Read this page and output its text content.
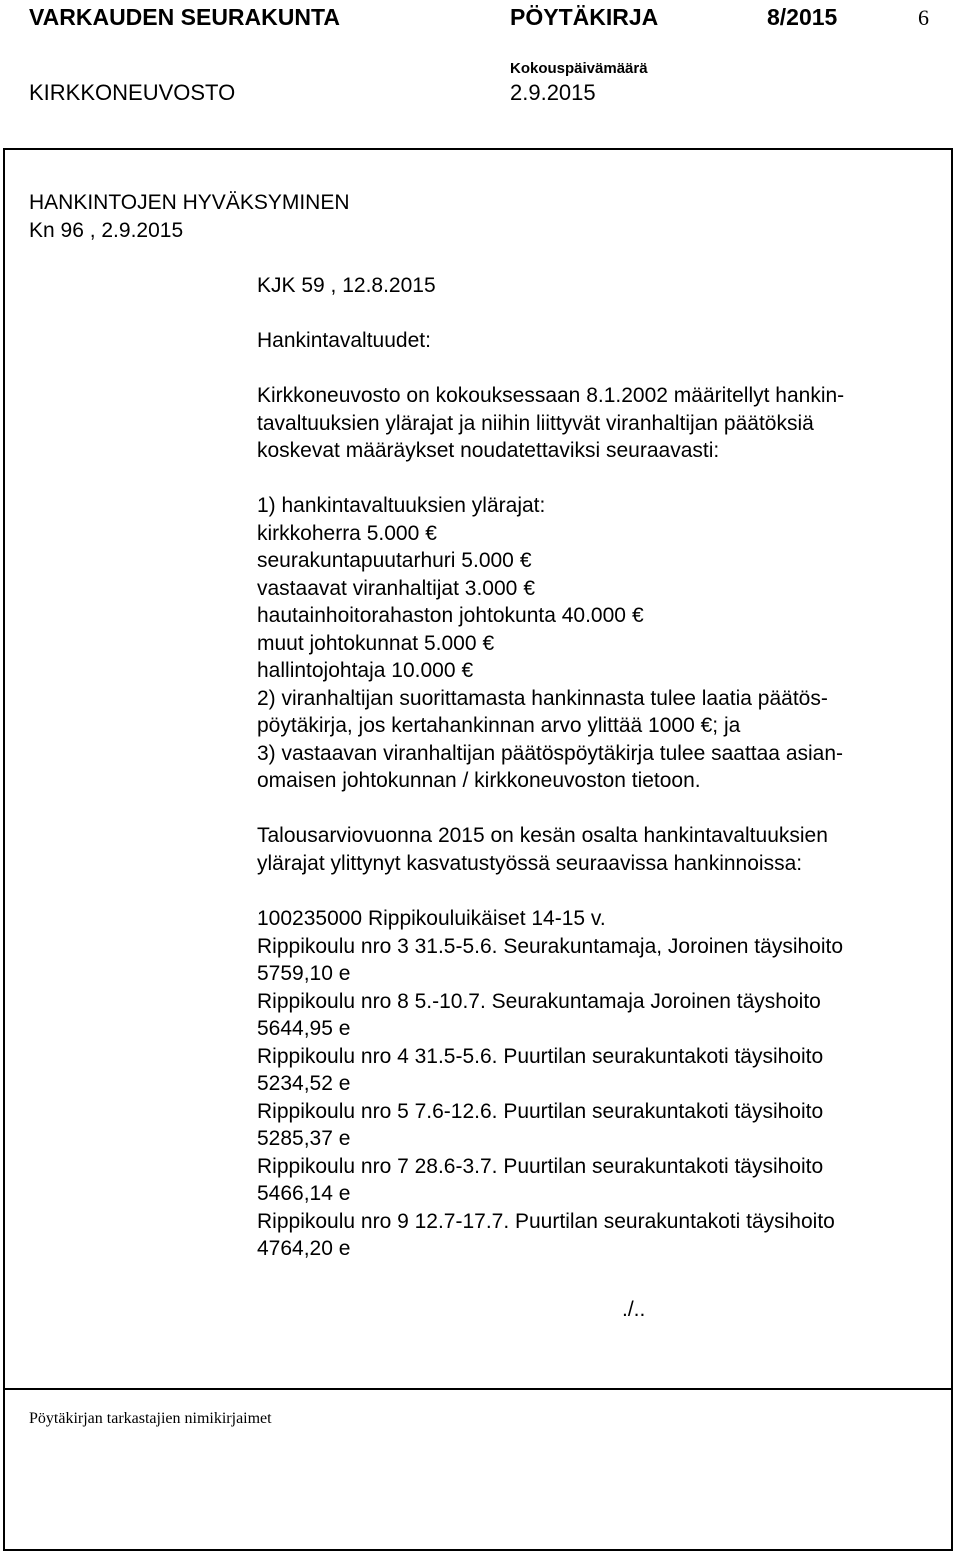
VARKAUDEN SEURAKUNTA	PÖYTÄKIRJA	8/2015	6
KIRKKONEUVOSTO
Kokouspäivämäärä
2.9.2015
HANKINTOJEN HYVÄKSYMINEN
Kn 96 , 2.9.2015
KJK 59 , 12.8.2015
Hankintavaltuudet:
Kirkkoneuvosto on kokouksessaan 8.1.2002 määritellyt hankin-
tavaltuuksien ylärajat ja niihin liittyvät viranhaltijan päätöksiä
koskevat määräykset noudatettaviksi seuraavasti:
1) hankintavaltuuksien ylärajat:
kirkkoherra 5.000 €
seurakuntapuutarhuri 5.000 €
vastaavat viranhaltijat 3.000 €
hautainhoitorahaston johtokunta 40.000 €
muut johtokunnat 5.000 €
hallintojohtaja 10.000 €
2) viranhaltijan suorittamasta hankinnasta tulee laatia päätös-
pöytäkirja, jos kertahankinnan arvo ylittää 1000 €; ja
3) vastaavan viranhaltijan päätöspöytäkirja tulee saattaa asian-
omaisen johtokunnan / kirkkoneuvoston tietoon.
Talousarviovuonna 2015 on kesän osalta hankintavaltuuksien
ylärajat ylittynyt kasvatustyössä seuraavissa hankinnoissa:
100235000 Rippikouluikäiset 14-15 v.
Rippikoulu nro 3 31.5-5.6. Seurakuntamaja, Joroinen täysihoito
5759,10 e
Rippikoulu nro 8 5.-10.7. Seurakuntamaja Joroinen täyshoito
5644,95 e
Rippikoulu nro 4 31.5-5.6. Puurtilan seurakuntakoti täysihoito
5234,52 e
Rippikoulu nro 5 7.6-12.6. Puurtilan seurakuntakoti täysihoito
5285,37 e
Rippikoulu nro 7 28.6-3.7. Puurtilan seurakuntakoti täysihoito
5466,14 e
Rippikoulu nro 9 12.7-17.7. Puurtilan seurakuntakoti täysihoito
4764,20 e
./..
Pöytäkirjan tarkastajien nimikirjaimet
